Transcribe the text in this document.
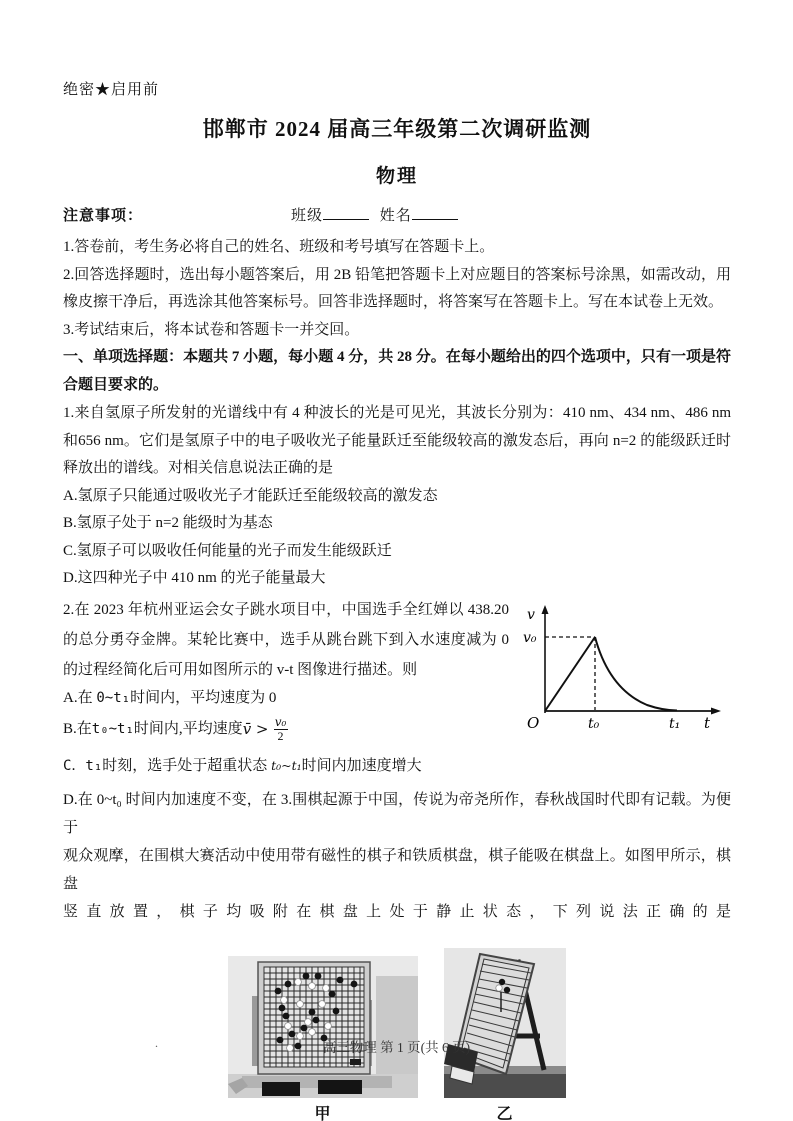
绝密★启用前
邯郸市 2024 届高三年级第二次调研监测
物理
注意事项：	班级	姓名
1.答卷前，考生务必将自己的姓名、班级和考号填写在答题卡上。
2.回答选择题时，选出每小题答案后，用 2B 铅笔把答题卡上对应题目的答案标号涂黑，如需改动，用橡皮擦干净后，再选涂其他答案标号。回答非选择题时，将答案写在答题卡上。写在本试卷上无效。
3.考试结束后，将本试卷和答题卡一并交回。
一、单项选择题：本题共 7 小题，每小题 4 分，共 28 分。在每小题给出的四个选项中，只有一项是符合题目要求的。
1.来自氢原子所发射的光谱线中有 4 种波长的光是可见光，其波长分别为：410 nm、434 nm、486 nm和656 nm。它们是氢原子中的电子吸收光子能量跃迁至能级较高的激发态后，再向 n=2 的能级跃迁时释放出的谱线。对相关信息说法正确的是
A.氢原子只能通过吸收光子才能跃迁至能级较高的激发态
B.氢原子处于 n=2 能级时为基态
C.氢原子可以吸收任何能量的光子而发生能级跃迁
D.这四种光子中 410 nm 的光子能量最大
v
v₀
O	t₀	t₁ t
2.在 2023 年杭州亚运会女子跳水项目中，中国选手全红婵以 438.20 的总分勇夺金牌。某轮比赛中，选手从跳台跳下到入水速度减为 0 的过程经简化后可用如图所示的 v-t 图像进行描述。则
A.在 0~t₁时间内，平均速度为 0
B.在 t₀~t₁ 时间内,平均速度 v̄ > $\frac{\text{v₀}}{2}$
C．t₁时刻，选手处于超重状态 t₀~t₁时间内加速度增大
D.在 0~t₀ 时间内加速度不变，在 3.围棋起源于中国，传说为帝尧所作，春秋战国时代即有记载。为便于
观众观摩，在围棋大赛活动中使用带有磁性的棋子和铁质棋盘，棋子能吸在棋盘上。如图甲所示，棋盘
竖直放置，棋子均吸附在棋盘上处于静止状态，下列说法正确的是
甲	乙
.	高三物理 第 1 页(共 6 页)
